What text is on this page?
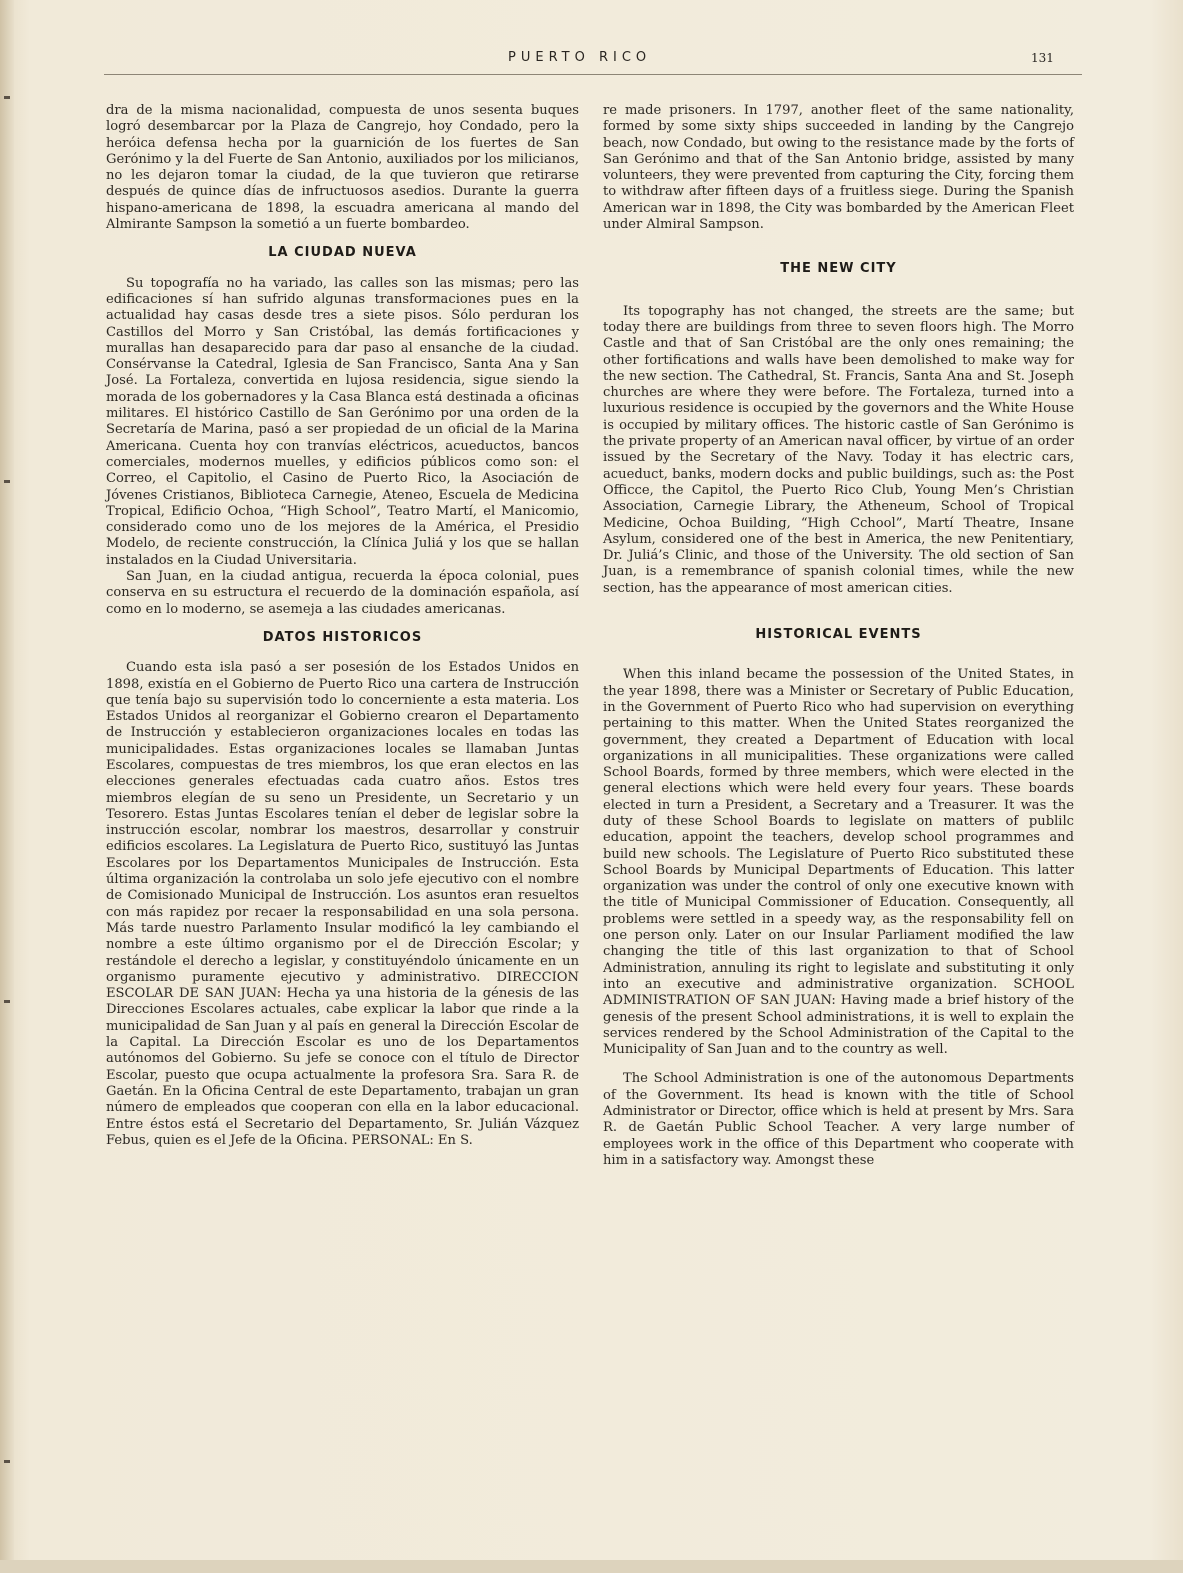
PUERTO RICO	131

dra de la misma nacionalidad, compuesta de unos sesenta buques logró desembarcar por la Plaza de Cangrejo, hoy Condado, pero la heróica defensa hecha por la guarnición de los fuertes de San Gerónimo y la del Fuerte de San Antonio, auxiliados por los milicianos, no les dejaron tomar la ciudad, de la que tuvieron que retirarse después de quince días de infructuosos asedios. Durante la guerra hispano-americana de 1898, la escuadra americana al mando del Almirante Sampson la sometió a un fuerte bombardeo.

LA CIUDAD NUEVA

Su topografía no ha variado, las calles son las mismas; pero las edificaciones sí han sufrido algunas transformaciones pues en la actualidad hay casas desde tres a siete pisos. Sólo perduran los Castillos del Morro y San Cristóbal, las demás fortificaciones y murallas han desaparecido para dar paso al ensanche de la ciudad. Consérvanse la Catedral, Iglesia de San Francisco, Santa Ana y San José. La Fortaleza, convertida en lujosa residencia, sigue siendo la morada de los gobernadores y la Casa Blanca está destinada a oficinas militares. El histórico Castillo de San Gerónimo por una orden de la Secretaría de Marina, pasó a ser propiedad de un oficial de la Marina Americana. Cuenta hoy con tranvías eléctricos, acueductos, bancos comerciales, modernos muelles, y edificios públicos como son: el Correo, el Capitolio, el Casino de Puerto Rico, la Asociación de Jóvenes Cristianos, Biblioteca Carnegie, Ateneo, Escuela de Medicina Tropical, Edificio Ochoa, “High School”, Teatro Martí, el Manicomio, considerado como uno de los mejores de la América, el Presidio Modelo, de reciente construcción, la Clínica Juliá y los que se hallan instalados en la Ciudad Universitaria.

San Juan, en la ciudad antigua, recuerda la época colonial, pues conserva en su estructura el recuerdo de la dominación española, así como en lo moderno, se asemeja a las ciudades americanas.

DATOS HISTORICOS

Cuando esta isla pasó a ser posesión de los Estados Unidos en 1898, existía en el Gobierno de Puerto Rico una cartera de Instrucción que tenía bajo su supervisión todo lo concerniente a esta materia. Los Estados Unidos al reorganizar el Gobierno crearon el Departamento de Instrucción y establecieron organizaciones locales en todas las municipalidades. Estas organizaciones locales se llamaban Juntas Escolares, compuestas de tres miembros, los que eran electos en las elecciones generales efectuadas cada cuatro años. Estos tres miembros elegían de su seno un Presidente, un Secretario y un Tesorero. Estas Juntas Escolares tenían el deber de legislar sobre la instrucción escolar, nombrar los maestros, desarrollar y construir edificios escolares. La Legislatura de Puerto Rico, sustituyó las Juntas Escolares por los Departamentos Municipales de Instrucción. Esta última organización la controlaba un solo jefe ejecutivo con el nombre de Comisionado Municipal de Instrucción. Los asuntos eran resueltos con más rapidez por recaer la responsabilidad en una sola persona. Más tarde nuestro Parlamento Insular modificó la ley cambiando el nombre a este último organismo por el de Dirección Escolar; y restándole el derecho a legislar, y constituyéndolo únicamente en un organismo puramente ejecutivo y administrativo. DIRECCION ESCOLAR DE SAN JUAN: Hecha ya una historia de la génesis de las Direcciones Escolares actuales, cabe explicar la labor que rinde a la municipalidad de San Juan y al país en general la Dirección Escolar de la Capital. La Dirección Escolar es uno de los Departamentos autónomos del Gobierno. Su jefe se conoce con el título de Director Escolar, puesto que ocupa actualmente la profesora Sra. Sara R. de Gaetán. En la Oficina Central de este Departamento, trabajan un gran número de empleados que cooperan con ella en la labor educacional. Entre éstos está el Secretario del Departamento, Sr. Julián Vázquez Febus, quien es el Jefe de la Oficina. PERSONAL: En S.

re made prisoners. In 1797, another fleet of the same nationality, formed by some sixty ships succeeded in landing by the Cangrejo beach, now Condado, but owing to the resistance made by the forts of San Gerónimo and that of the San Antonio bridge, assisted by many volunteers, they were prevented from capturing the City, forcing them to withdraw after fifteen days of a fruitless siege. During the Spanish American war in 1898, the City was bombarded by the American Fleet under Almiral Sampson.

THE NEW CITY

Its topography has not changed, the streets are the same; but today there are buildings from three to seven floors high. The Morro Castle and that of San Cristóbal are the only ones remaining; the other fortifications and walls have been demolished to make way for the new section. The Cathedral, St. Francis, Santa Ana and St. Joseph churches are where they were before. The Fortaleza, turned into a luxurious residence is occupied by the governors and the White House is occupied by military offices. The historic castle of San Gerónimo is the private property of an American naval officer, by virtue of an order issued by the Secretary of the Navy. Today it has electric cars, acueduct, banks, modern docks and public buildings, such as: the Post Officce, the Capitol, the Puerto Rico Club, Young Men’s Christian Association, Carnegie Library, the Atheneum, School of Tropical Medicine, Ochoa Building, “High Cchool”, Martí Theatre, Insane Asylum, considered one of the best in America, the new Penitentiary, Dr. Juliá’s Clinic, and those of the University. The old section of San Juan, is a remembrance of spanish colonial times, while the new section, has the appearance of most american cities.

HISTORICAL EVENTS

When this inland became the possession of the United States, in the year 1898, there was a Minister or Secretary of Public Education, in the Government of Puerto Rico who had supervision on everything pertaining to this matter. When the United States reorganized the government, they created a Department of Education with local organizations in all municipalities. These organizations were called School Boards, formed by three members, which were elected in the general elections which were held every four years. These boards elected in turn a President, a Secretary and a Treasurer. It was the duty of these School Boards to legislate on matters of publilc education, appoint the teachers, develop school programmes and build new schools. The Legislature of Puerto Rico substituted these School Boards by Municipal Departments of Education. This latter organization was under the control of only one executive known with the title of Municipal Commissioner of Education. Consequently, all problems were settled in a speedy way, as the responsability fell on one person only. Later on our Insular Parliament modified the law changing the title of this last organization to that of School Administration, annuling its right to legislate and substituting it only into an executive and administrative organization. SCHOOL ADMINISTRATION OF SAN JUAN: Having made a brief history of the genesis of the present School administrations, it is well to explain the services rendered by the School Administration of the Capital to the Municipality of San Juan and to the country as well.

The School Administration is one of the autonomous Departments of the Government. Its head is known with the title of School Administrator or Director, office which is held at present by Mrs. Sara R. de Gaetán Public School Teacher. A very large number of employees work in the office of this Department who cooperate with him in a satisfactory way. Amongst these
